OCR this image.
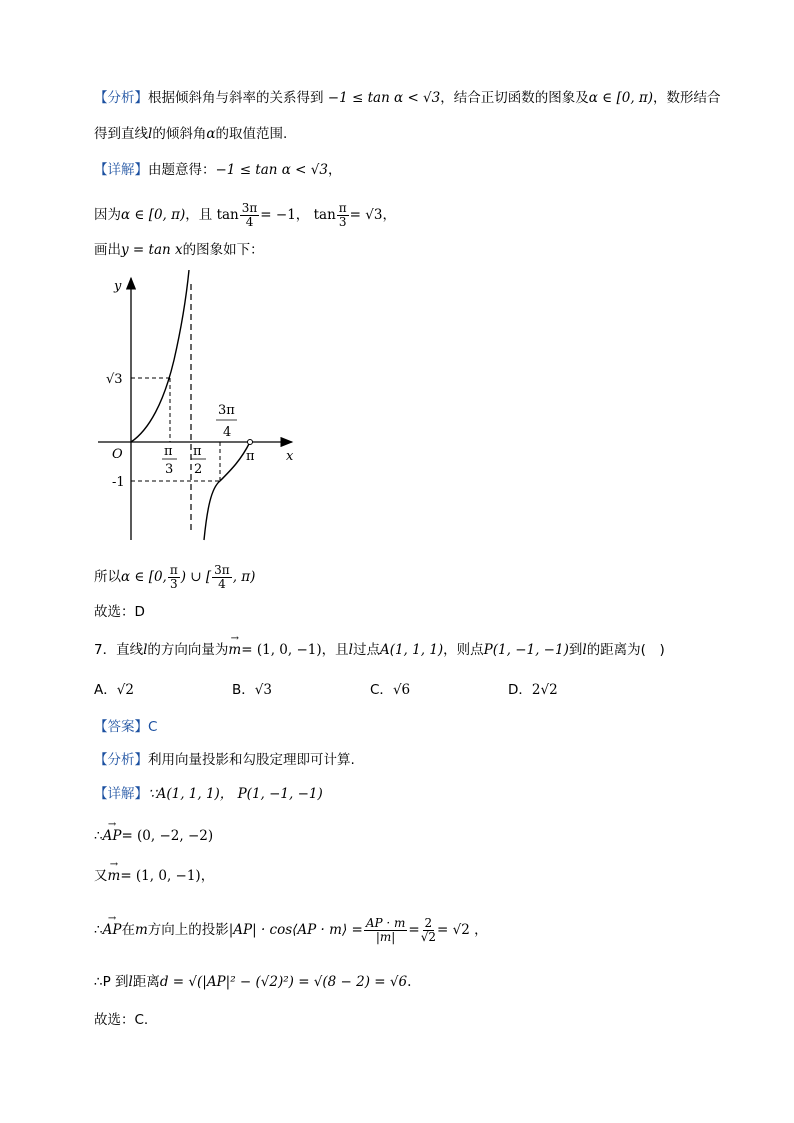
【分析】根据倾斜角与斜率的关系得到 −1 ≤ tan α < √3，结合正切函数的图象及α ∈ [0, π)，数形结合
得到直线l的倾斜角α的取值范围.
【详解】由题意得：−1 ≤ tan α < √3，
因为α ∈ [0, π)，且 $\tan \frac{3\pi}{4} = -1$， $\tan \frac{\pi}{3} = √3$，
画出y = tan x的图象如下：
y
x
O
√3
-1
π
π
3
π
2
3π
4
所以α ∈ [0, $\frac{\pi}{3}$ ) ∪ [ $\frac{3\pi}{4}$ , π)
故选：D
7．直线l的方向向量为→ m= (1, 0, −1)，且l过点A(1, 1, 1)，则点P(1, −1, −1)到l的距离为(　)
A．√2	B．√3	C．√6	D．2√2
【答案】C
【分析】利用向量投影和勾股定理即可计算.
【详解】∵A(1, 1, 1)， P(1, −1, −1)
∴→ AP= (0, −2, −2)
又→ m= (1, 0, −1)，
∴→ AP在m方向上的投影|AP| · cos⟨AP · m⟩ = $\frac{AP \cdot m}{|m|} = \frac{2}{√2} = √2$ ，
∴P 到l距离d = √(|AP|² − (√2)²) = √(8 − 2) = √6.
故选：C.
